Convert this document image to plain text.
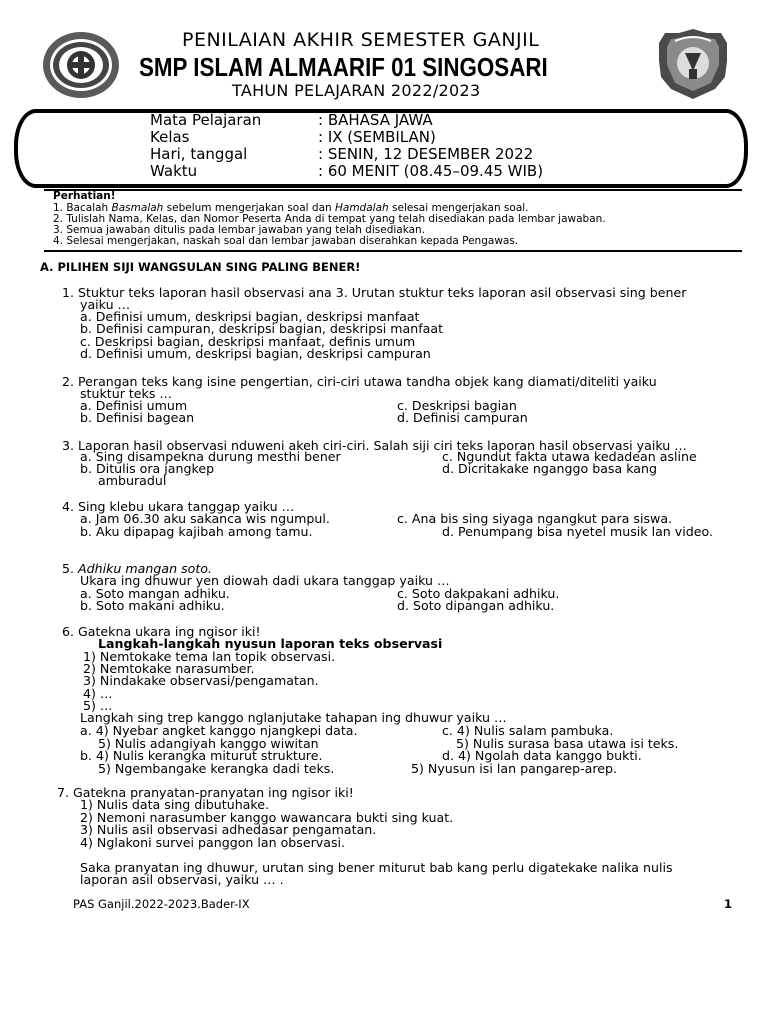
PENILAIAN AKHIR SEMESTER GANJIL
SMP ISLAM ALMAARIF 01 SINGOSARI
TAHUN PELAJARAN 2022/2023
Mata Pelajaran	: BAHASA JAWA
Kelas	: IX (SEMBILAN)
Hari, tanggal	: SENIN, 12 DESEMBER 2022
Waktu	: 60 MENIT (08.45–09.45 WIB)
Perhatian!
1. Bacalah Basmalah sebelum mengerjakan soal dan Hamdalah selesai mengerjakan soal.
2. Tulislah Nama, Kelas, dan Nomor Peserta Anda di tempat yang telah disediakan pada lembar jawaban.
3. Semua jawaban ditulis pada lembar jawaban yang telah disediakan.
4. Selesai mengerjakan, naskah soal dan lembar jawaban diserahkan kepada Pengawas.
A. PILIHEN SIJI WANGSULAN SING PALING BENER!
1. Stuktur teks laporan hasil observasi ana 3. Urutan stuktur teks laporan asil observasi sing bener
yaiku …
a. Definisi umum, deskripsi bagian, deskripsi manfaat
b. Definisi campuran, deskripsi bagian, deskripsi manfaat
c. Deskripsi bagian, deskripsi manfaat, definis umum
d. Definisi umum, deskripsi bagian, deskripsi campuran
2. Perangan teks kang isine pengertian, ciri-ciri utawa tandha objek kang diamati/diteliti yaiku
stuktur teks …
a. Definisi umum
b. Definisi bagean
c. Deskripsi bagian
d. Definisi campuran
3. Laporan hasil observasi nduweni akeh ciri-ciri. Salah siji ciri teks laporan hasil observasi yaiku …
a. Sing disampekna durung mesthi bener
b. Ditulis ora jangkep
amburadul
c. Ngundut fakta utawa kedadean asline
d. Dicritakake nganggo basa kang
4. Sing klebu ukara tanggap yaiku …
a. Jam 06.30 aku sakanca wis ngumpul.
b. Aku dipapag kajibah among tamu.
c. Ana bis sing siyaga ngangkut para siswa.
d. Penumpang bisa nyetel musik lan video.
5. Adhiku mangan soto.
Ukara ing dhuwur yen diowah dadi ukara tanggap yaiku …
a. Soto mangan adhiku.
b. Soto makani adhiku.
c. Soto dakpakani adhiku.
d. Soto dipangan adhiku.
6. Gatekna ukara ing ngisor iki!
Langkah-langkah nyusun laporan teks observasi
1) Nemtokake tema lan topik observasi.
2) Nemtokake narasumber.
3) Nindakake observasi/pengamatan.
4) …
5) …
Langkah sing trep kanggo nglanjutake tahapan ing dhuwur yaiku …
a. 4) Nyebar angket kanggo njangkepi data.
5) Nulis adangiyah kanggo wiwitan
b. 4) Nulis kerangka miturut strukture.
5) Ngembangake kerangka dadi teks.
c. 4) Nulis salam pambuka.
5) Nulis surasa basa utawa isi teks.
d. 4) Ngolah data kanggo bukti.
5) Nyusun isi lan pangarep-arep.
7. Gatekna pranyatan-pranyatan ing ngisor iki!
1) Nulis data sing dibutuhake.
2) Nemoni narasumber kanggo wawancara bukti sing kuat.
3) Nulis asil observasi adhedasar pengamatan.
4) Nglakoni survei panggon lan observasi.
Saka pranyatan ing dhuwur, urutan sing bener miturut bab kang perlu digatekake nalika nulis
laporan asil observasi, yaiku … .
PAS Ganjil.2022-2023.Bader-IX	1
